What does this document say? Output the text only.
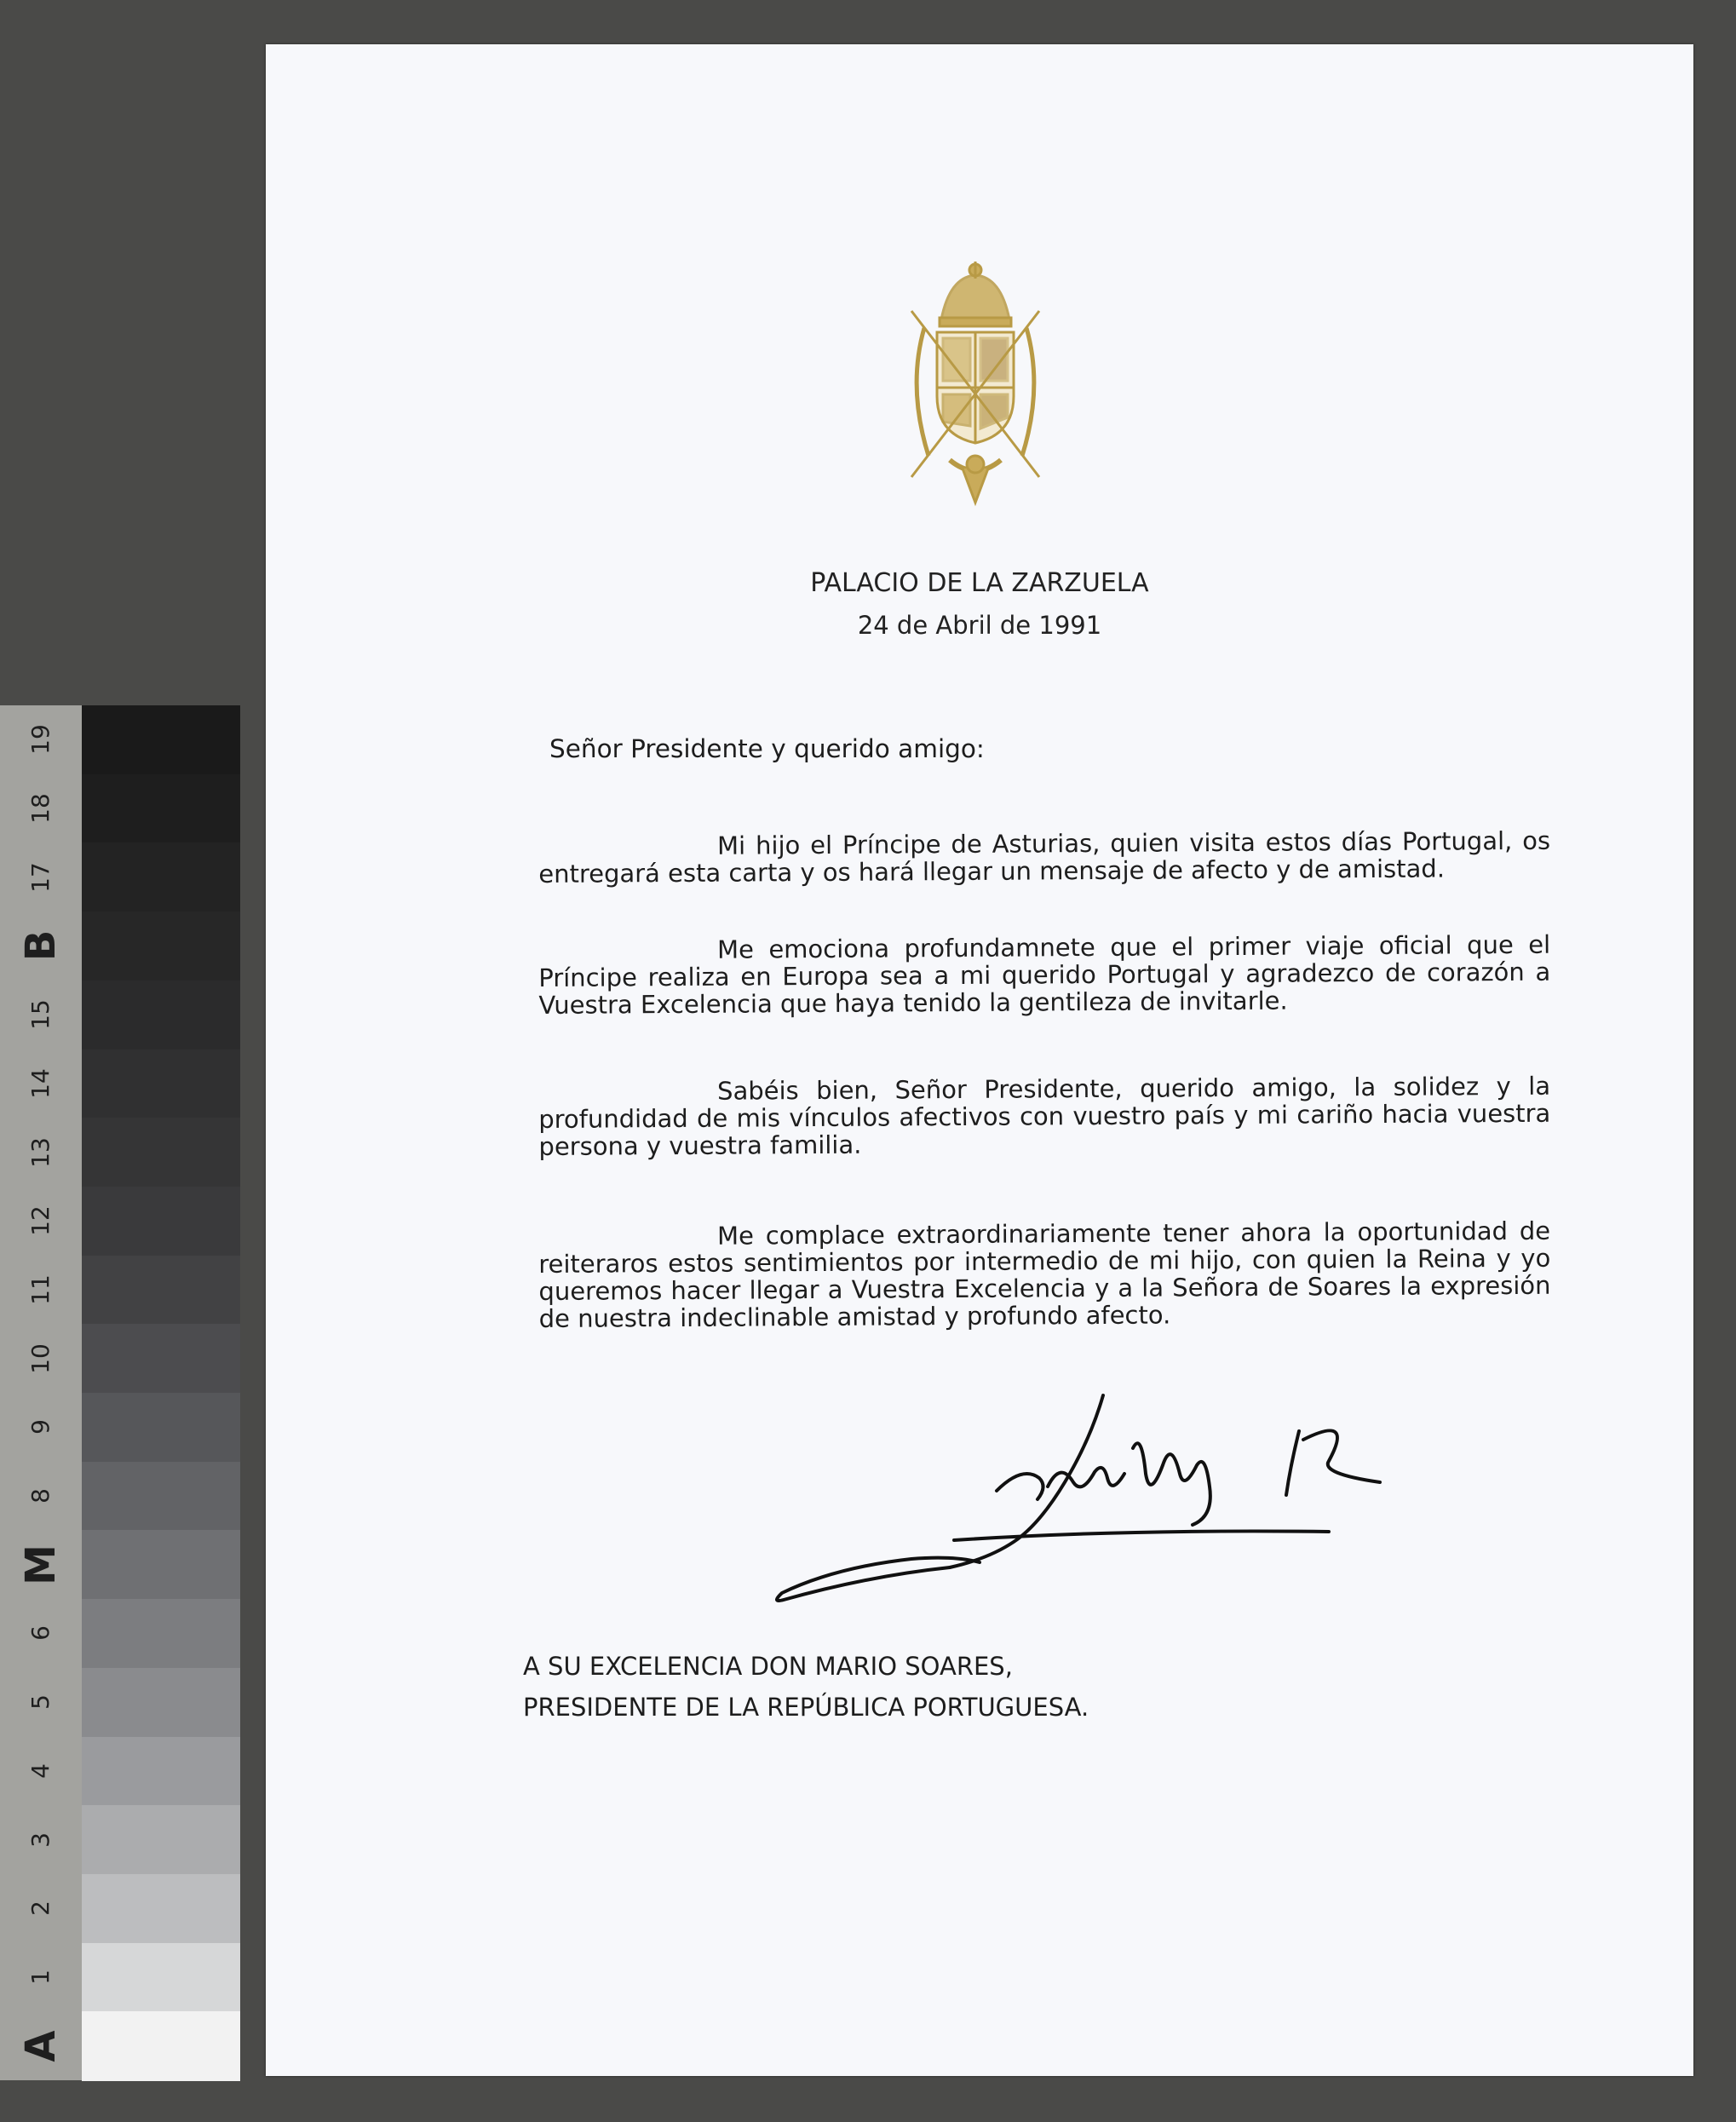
19
18
17
B
15
14
13
12
11
10
9
8
M
6
5
4
3
2
1
A
PALACIO DE LA ZARZUELA
24 de Abril de 1991
Señor Presidente y querido amigo:
Mi hijo el Príncipe de Asturias, quien visita estos días Portugal, os entregará esta carta y os hará llegar un mensaje de afecto y de amistad.
Me emociona profundamnete que el primer viaje oficial que el Príncipe realiza en Europa sea a mi querido Portugal y agradezco de corazón a Vuestra Excelencia que haya tenido la gentileza de invitarle.
Sabéis bien, Señor Presidente, querido amigo, la solidez y la profundidad de mis vínculos afectivos con vuestro país y mi cariño hacia vuestra persona y vuestra familia.
Me complace extraordinariamente tener ahora la oportunidad de reiteraros estos sentimientos por intermedio de mi hijo, con quien la Reina y yo queremos hacer llegar a Vuestra Excelencia y a la Señora de Soares la expresión de nuestra indeclinable amistad y profundo afecto.
A SU EXCELENCIA DON MARIO SOARES,
PRESIDENTE DE LA REPÚBLICA PORTUGUESA.
